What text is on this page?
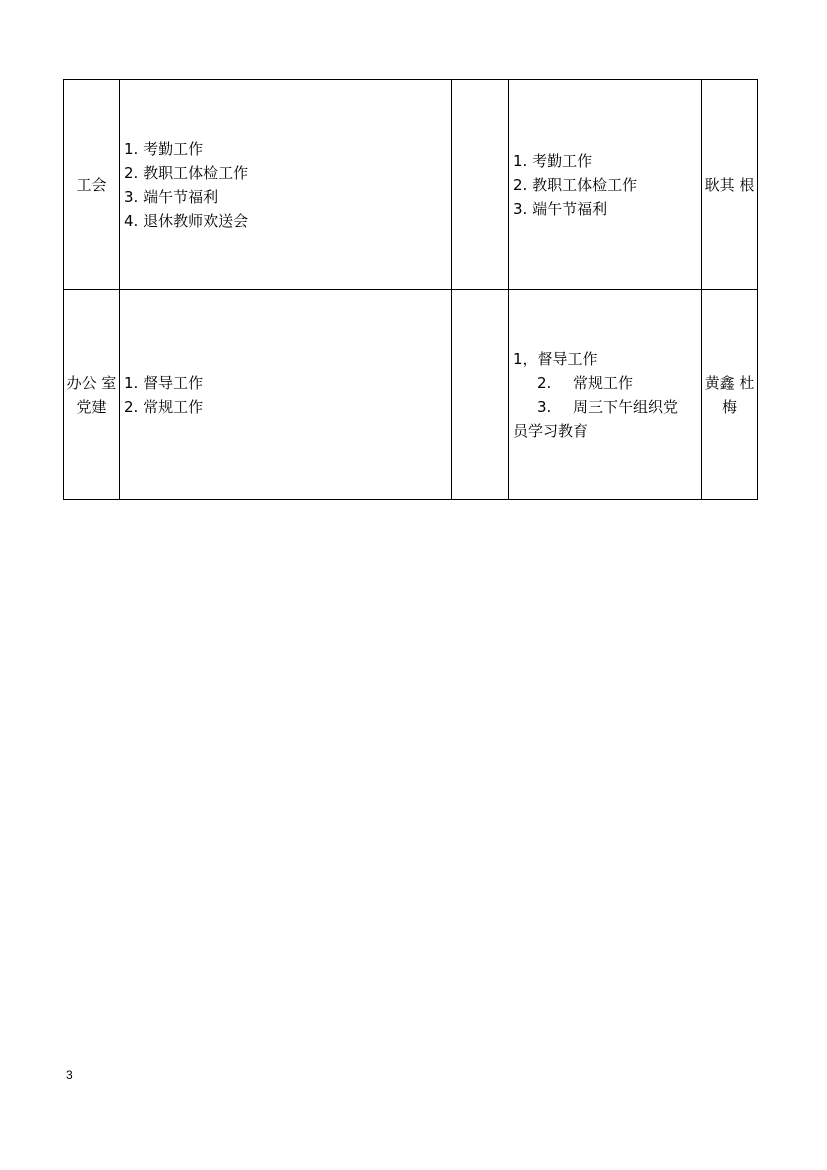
工会	1. 考勤工作
2. 教职工体检工作
3. 端午节福利
4. 退休教师欢送会		1. 考勤工作
2. 教职工体检工作
3. 端午节福利	耿其 根
办公 室 党建	1. 督导工作
2. 常规工作		1，督导工作
2. 常规工作
3. 周三下午组织党
员学习教育	黄鑫 杜梅
3
